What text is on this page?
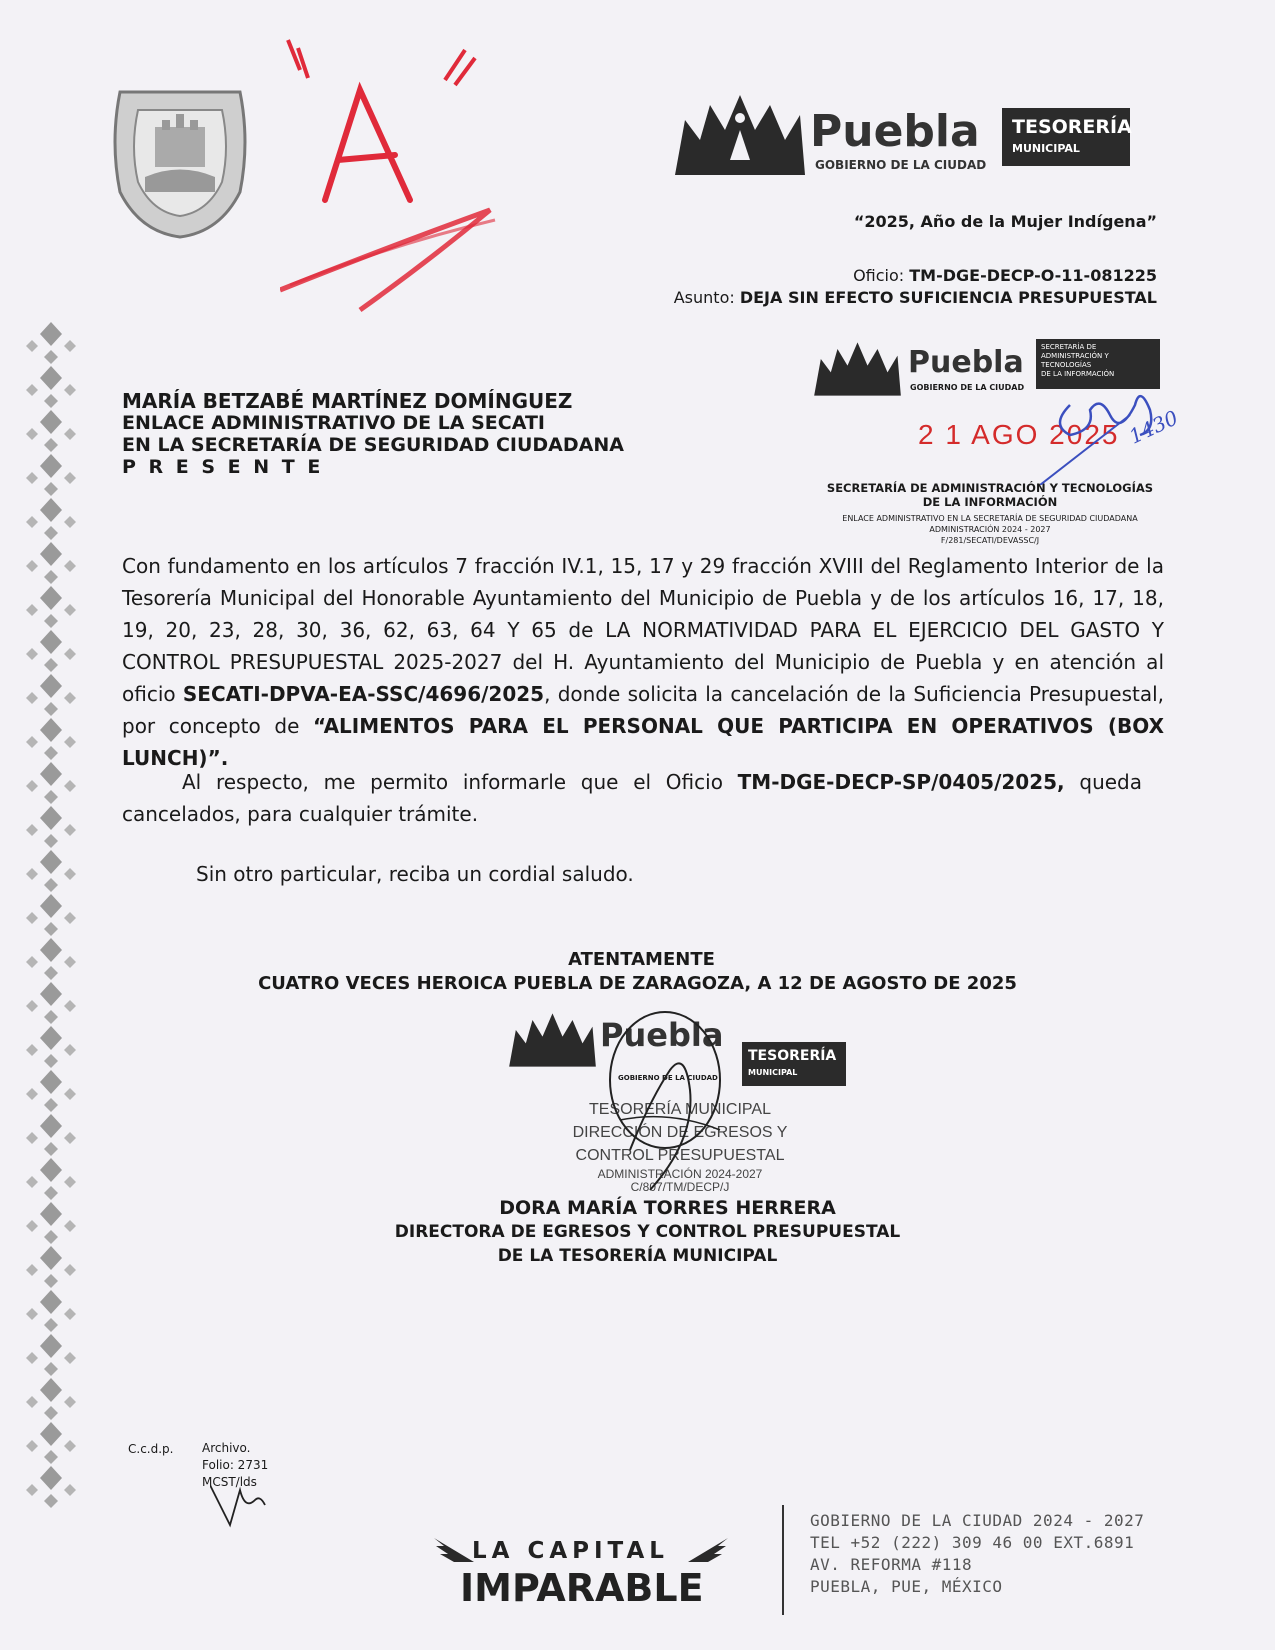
Puebla
GOBIERNO DE LA CIUDAD
TESORERÍA
MUNICIPAL
“2025, Año de la Mujer Indígena”
Oficio: TM-DGE-DECP-O-11-081225
Asunto: DEJA SIN EFECTO SUFICIENCIA PRESUPUESTAL
Puebla
GOBIERNO DE LA CIUDAD
SECRETARÍA DE
ADMINISTRACIÓN Y TECNOLOGÍAS
DE LA INFORMACIÓN
2 1 AGO 2025
SECRETARÍA DE ADMINISTRACIÓN Y TECNOLOGÍAS
DE LA INFORMACIÓN
ENLACE ADMINISTRATIVO EN LA SECRETARÍA DE SEGURIDAD CIUDADANA
ADMINISTRACIÓN 2024 - 2027
F/281/SECATI/DEVASSC/J
1430
MARÍA BETZABÉ MARTÍNEZ DOMÍNGUEZ
ENLACE ADMINISTRATIVO DE LA SECATI
EN LA SECRETARÍA DE SEGURIDAD CIUDADANA
P R E S E N T E
Con fundamento en los artículos 7 fracción IV.1, 15, 17 y 29 fracción XVIII del Reglamento Interior de la Tesorería Municipal del Honorable Ayuntamiento del Municipio de Puebla y de los artículos 16, 17, 18, 19, 20, 23, 28, 30, 36, 62, 63, 64 Y 65 de LA NORMATIVIDAD PARA EL EJERCICIO DEL GASTO Y CONTROL PRESUPUESTAL 2025-2027 del H. Ayuntamiento del Municipio de Puebla y en atención al oficio SECATI-DPVA-EA-SSC/4696/2025, donde solicita la cancelación de la Suficiencia Presupuestal, por concepto de “ALIMENTOS PARA EL PERSONAL QUE PARTICIPA EN OPERATIVOS (BOX LUNCH)”.
Al respecto, me permito informarle que el Oficio TM-DGE-DECP-SP/0405/2025, queda cancelados, para cualquier trámite.
Sin otro particular, reciba un cordial saludo.
ATENTAMENTE
CUATRO VECES HEROICA PUEBLA DE ZARAGOZA, A 12 DE AGOSTO DE 2025
Puebla
GOBIERNO DE LA CIUDAD
TESORERÍA
MUNICIPAL
TESORERÍA MUNICIPAL
DIRECCIÓN DE EGRESOS Y
CONTROL PRESUPUESTAL
ADMINISTRACIÓN 2024-2027
C/807/TM/DECP/J
DORA MARÍA TORRES HERRERA
DIRECTORA DE EGRESOS Y CONTROL PRESUPUESTAL
DE LA TESORERÍA MUNICIPAL
C.c.d.p. Archivo.
Folio: 2731
MCST/lds
LA CAPITAL
IMPARABLE
GOBIERNO DE LA CIUDAD 2024 - 2027
TEL +52 (222) 309 46 00 EXT.6891
AV. REFORMA #118
PUEBLA, PUE, MÉXICO
